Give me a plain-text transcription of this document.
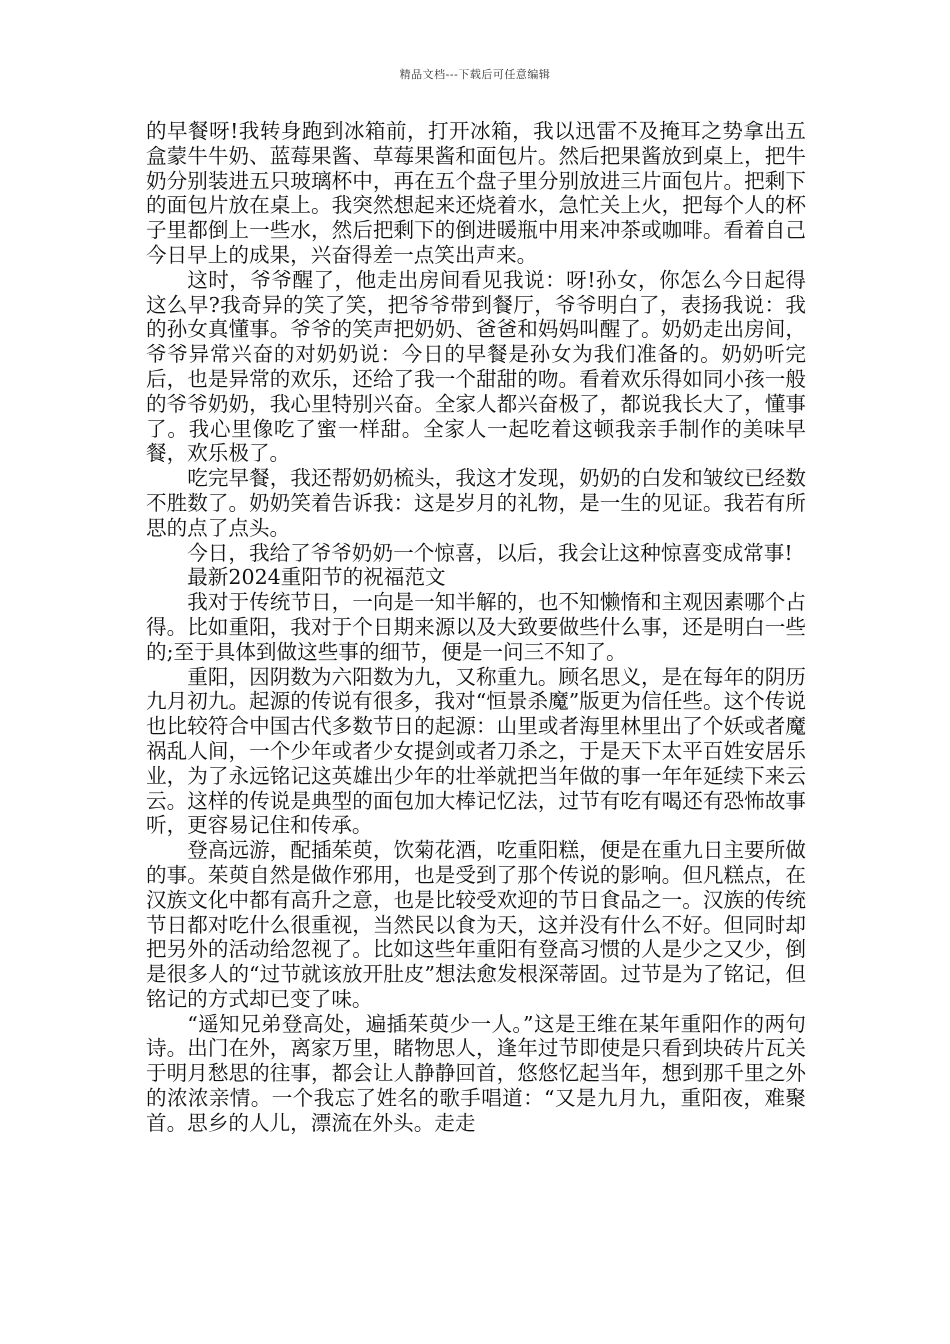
精品文档---下载后可任意编辑

的早餐呀!我转身跑到冰箱前，打开冰箱，我以迅雷不及掩耳之势拿出五盒蒙牛牛奶、蓝莓果酱、草莓果酱和面包片。然后把果酱放到桌上，把牛奶分别装进五只玻璃杯中，再在五个盘子里分别放进三片面包片。把剩下的面包片放在桌上。我突然想起来还烧着水，急忙关上火，把每个人的杯子里都倒上一些水，然后把剩下的倒进暖瓶中用来冲茶或咖啡。看着自己今日早上的成果，兴奋得差一点笑出声来。

这时，爷爷醒了，他走出房间看见我说：呀!孙女，你怎么今日起得这么早?我奇异的笑了笑，把爷爷带到餐厅，爷爷明白了，表扬我说：我的孙女真懂事。爷爷的笑声把奶奶、爸爸和妈妈叫醒了。奶奶走出房间，爷爷异常兴奋的对奶奶说：今日的早餐是孙女为我们准备的。奶奶听完后，也是异常的欢乐，还给了我一个甜甜的吻。看着欢乐得如同小孩一般的爷爷奶奶，我心里特别兴奋。全家人都兴奋极了，都说我长大了，懂事了。我心里像吃了蜜一样甜。全家人一起吃着这顿我亲手制作的美味早餐，欢乐极了。

吃完早餐，我还帮奶奶梳头，我这才发现，奶奶的白发和皱纹已经数不胜数了。奶奶笑着告诉我：这是岁月的礼物，是一生的见证。我若有所思的点了点头。

今日，我给了爷爷奶奶一个惊喜，以后，我会让这种惊喜变成常事!

最新2024重阳节的祝福范文

我对于传统节日，一向是一知半解的，也不知懒惰和主观因素哪个占得。比如重阳，我对于个日期来源以及大致要做些什么事，还是明白一些的;至于具体到做这些事的细节，便是一问三不知了。

重阳，因阴数为六阳数为九，又称重九。顾名思义，是在每年的阴历九月初九。起源的传说有很多，我对“恒景杀魔”版更为信任些。这个传说也比较符合中国古代多数节日的起源：山里或者海里林里出了个妖或者魔祸乱人间，一个少年或者少女提剑或者刀杀之，于是天下太平百姓安居乐业，为了永远铭记这英雄出少年的壮举就把当年做的事一年年延续下来云云。这样的传说是典型的面包加大棒记忆法，过节有吃有喝还有恐怖故事听，更容易记住和传承。

登高远游，配插茱萸，饮菊花酒，吃重阳糕，便是在重九日主要所做的事。茱萸自然是做作邪用，也是受到了那个传说的影响。但凡糕点，在汉族文化中都有高升之意，也是比较受欢迎的节日食品之一。汉族的传统节日都对吃什么很重视，当然民以食为天，这并没有什么不好。但同时却把另外的活动给忽视了。比如这些年重阳有登高习惯的人是少之又少，倒是很多人的“过节就该放开肚皮”想法愈发根深蒂固。过节是为了铭记，但铭记的方式却已变了味。

“遥知兄弟登高处，遍插茱萸少一人。”这是王维在某年重阳作的两句诗。出门在外，离家万里，睹物思人，逢年过节即使是只看到块砖片瓦关于明月愁思的往事，都会让人静静回首，悠悠忆起当年，想到那千里之外的浓浓亲情。一个我忘了姓名的歌手唱道：“又是九月九，重阳夜，难聚首。思乡的人儿，漂流在外头。走走
